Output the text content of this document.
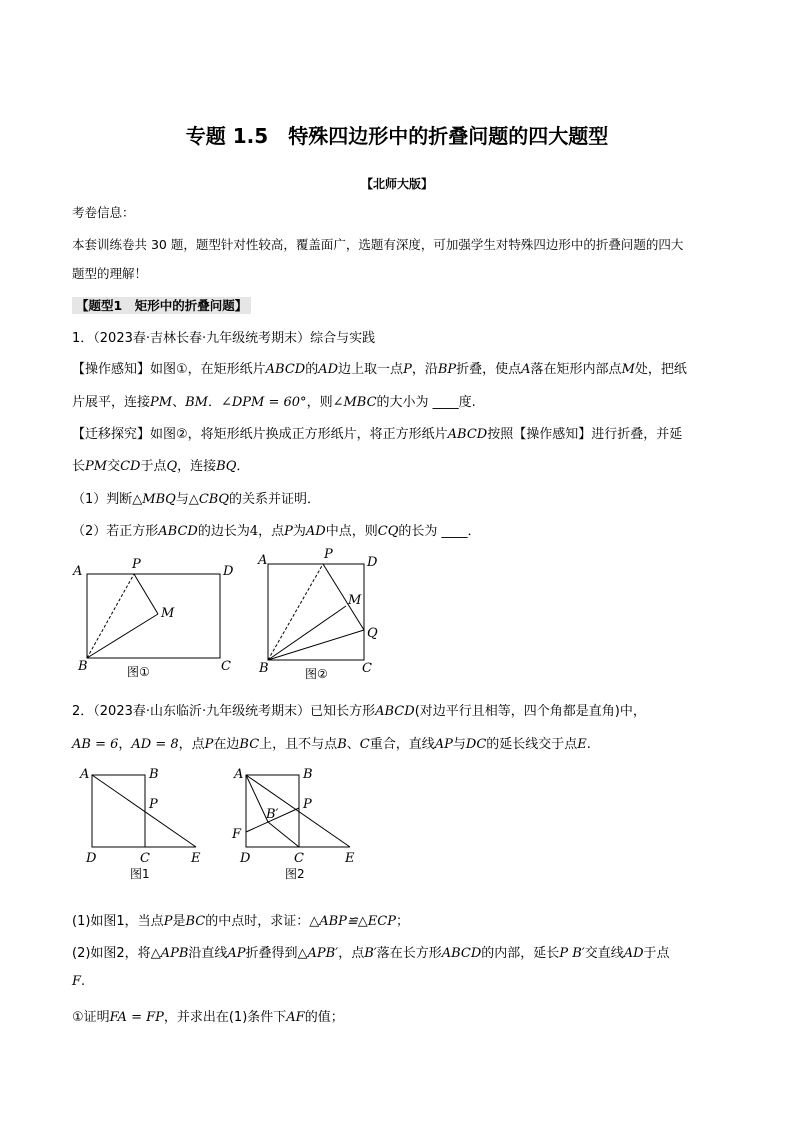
专题 1.5　特殊四边形中的折叠问题的四大题型
【北师大版】
考卷信息：
本套训练卷共 30 题，题型针对性较高，覆盖面广，选题有深度，可加强学生对特殊四边形中的折叠问题的四大
题型的理解！
【题型1　矩形中的折叠问题】
1．（2023春·吉林长春·九年级统考期末）综合与实践
【操作感知】如图①，在矩形纸片ABCD的AD边上取一点P，沿BP折叠，使点A落在矩形内部点M处，把纸
片展平，连接PM、BM．∠DPM = 60°，则∠MBC的大小为 ____度.
【迁移探究】如图②，将矩形纸片换成正方形纸片，将正方形纸片ABCD按照【操作感知】进行折叠，并延
长PM交CD于点Q，连接BQ．
（1）判断△MBQ与△CBQ的关系并证明．
（2）若正方形ABCD的边长为4，点P为AD中点，则CQ的长为 ____．
A	P	D
M
B	C
图①
A	P
D
M
Q
B	C
图②
2．（2023春·山东临沂·九年级统考期末）已知长方形ABCD(对边平行且相等，四个角都是直角)中，
AB = 6，AD = 8，点P在边BC上，且不与点B、C重合，直线AP与DC的延长线交于点E.
A	B
P
D	C	E
图1
A	B
P
B′
F
D	C	E
图2
(1)如图1，当点P是BC的中点时，求证：△ABP≌△ECP；
(2)如图2，将△APB沿直线AP折叠得到△APB′，点B′落在长方形ABCD的内部，延长P B′交直线AD于点
F.
①证明FA = FP，并求出在(1)条件下AF的值；
